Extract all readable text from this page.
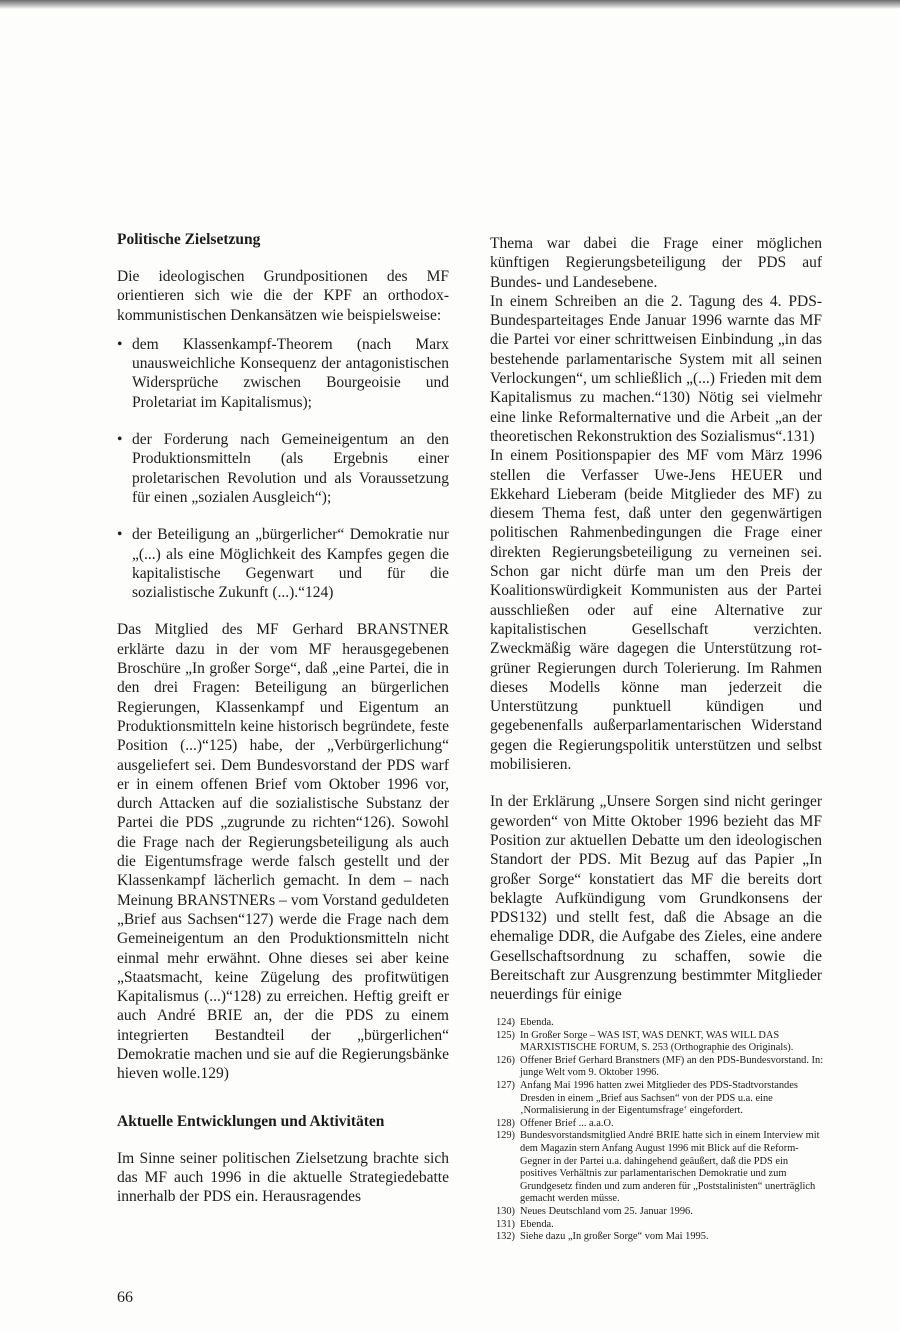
Politische Zielsetzung

Die ideologischen Grundpositionen des MF orientieren sich wie die der KPF an orthodox-kommunistischen Denkansätzen wie beispielsweise:

• dem Klassenkampf-Theorem (nach Marx unausweichliche Konsequenz der antagonistischen Widersprüche zwischen Bourgeoisie und Proletariat im Kapitalismus);
• der Forderung nach Gemeineigentum an den Produktionsmitteln (als Ergebnis einer proletarischen Revolution und als Voraussetzung für einen „sozialen Ausgleich“);
• der Beteiligung an „bürgerlicher“ Demokratie nur „(...) als eine Möglichkeit des Kampfes gegen die kapitalistische Gegenwart und für die sozialistische Zukunft (...).“124)

Das Mitglied des MF Gerhard BRANSTNER erklärte dazu in der vom MF herausgegebenen Broschüre „In großer Sorge“, daß „eine Partei, die in den drei Fragen: Beteiligung an bürgerlichen Regierungen, Klassenkampf und Eigentum an Produktionsmitteln keine historisch begründete, feste Position (...)“125) habe, der „Verbürgerlichung“ ausgeliefert sei. Dem Bundesvorstand der PDS warf er in einem offenen Brief vom Oktober 1996 vor, durch Attacken auf die sozialistische Substanz der Partei die PDS „zugrunde zu richten“126). Sowohl die Frage nach der Regierungsbeteiligung als auch die Eigentumsfrage werde falsch gestellt und der Klassenkampf lächerlich gemacht. In dem – nach Meinung BRANSTNERs – vom Vorstand geduldeten „Brief aus Sachsen“127) werde die Frage nach dem Gemeineigentum an den Produktionsmitteln nicht einmal mehr erwähnt. Ohne dieses sei aber keine „Staatsmacht, keine Zügelung des profitwütigen Kapitalismus (...)“128) zu erreichen. Heftig greift er auch André BRIE an, der die PDS zu einem integrierten Bestandteil der „bürgerlichen“ Demokratie machen und sie auf die Regierungsbänke hieven wolle.129)

Aktuelle Entwicklungen und Aktivitäten

Im Sinne seiner politischen Zielsetzung brachte sich das MF auch 1996 in die aktuelle Strategiedebatte innerhalb der PDS ein. Herausragendes

Thema war dabei die Frage einer möglichen künftigen Regierungsbeteiligung der PDS auf Bundes- und Landesebene.

In einem Schreiben an die 2. Tagung des 4. PDS-Bundesparteitages Ende Januar 1996 warnte das MF die Partei vor einer schrittweisen Einbindung „in das bestehende parlamentarische System mit all seinen Verlockungen“, um schließlich „(...) Frieden mit dem Kapitalismus zu machen.“130) Nötig sei vielmehr eine linke Reformalternative und die Arbeit „an der theoretischen Rekonstruktion des Sozialismus“.131)

In einem Positionspapier des MF vom März 1996 stellen die Verfasser Uwe-Jens HEUER und Ekkehard Lieberam (beide Mitglieder des MF) zu diesem Thema fest, daß unter den gegenwärtigen politischen Rahmenbedingungen die Frage einer direkten Regierungsbeteiligung zu verneinen sei. Schon gar nicht dürfe man um den Preis der Koalitionswürdigkeit Kommunisten aus der Partei ausschließen oder auf eine Alternative zur kapitalistischen Gesellschaft verzichten. Zweckmäßig wäre dagegen die Unterstützung rot-grüner Regierungen durch Tolerierung. Im Rahmen dieses Modells könne man jederzeit die Unterstützung punktuell kündigen und gegebenenfalls außerparlamentarischen Widerstand gegen die Regierungspolitik unterstützen und selbst mobilisieren.

In der Erklärung „Unsere Sorgen sind nicht geringer geworden“ von Mitte Oktober 1996 bezieht das MF Position zur aktuellen Debatte um den ideologischen Standort der PDS. Mit Bezug auf das Papier „In großer Sorge“ konstatiert das MF die bereits dort beklagte Aufkündigung vom Grundkonsens der PDS132) und stellt fest, daß die Absage an die ehemalige DDR, die Aufgabe des Zieles, eine andere Gesellschaftsordnung zu schaffen, sowie die Bereitschaft zur Ausgrenzung bestimmter Mitglieder neuerdings für einige

124) Ebenda.
125) In Großer Sorge – WAS IST, WAS DENKT, WAS WILL DAS MARXISTISCHE FORUM, S. 253 (Orthographie des Originals).
126) Offener Brief Gerhard Branstners (MF) an den PDS-Bundesvorstand. In: junge Welt vom 9. Oktober 1996.
127) Anfang Mai 1996 hatten zwei Mitglieder des PDS-Stadtvorstandes Dresden in einem „Brief aus Sachsen“ von der PDS u.a. eine ‚Normalisierung in der Eigentumsfrage‘ eingefordert.
128) Offener Brief ... a.a.O.
129) Bundesvorstandsmitglied André BRIE hatte sich in einem Interview mit dem Magazin stern Anfang August 1996 mit Blick auf die Reform-Gegner in der Partei u.a. dahingehend geäußert, daß die PDS ein positives Verhältnis zur parlamentarischen Demokratie und zum Grundgesetz finden und zum anderen für „Poststalinisten“ unerträglich gemacht werden müsse.
130) Neues Deutschland vom 25. Januar 1996.
131) Ebenda.
132) Siehe dazu „In großer Sorge“ vom Mai 1995.
66
